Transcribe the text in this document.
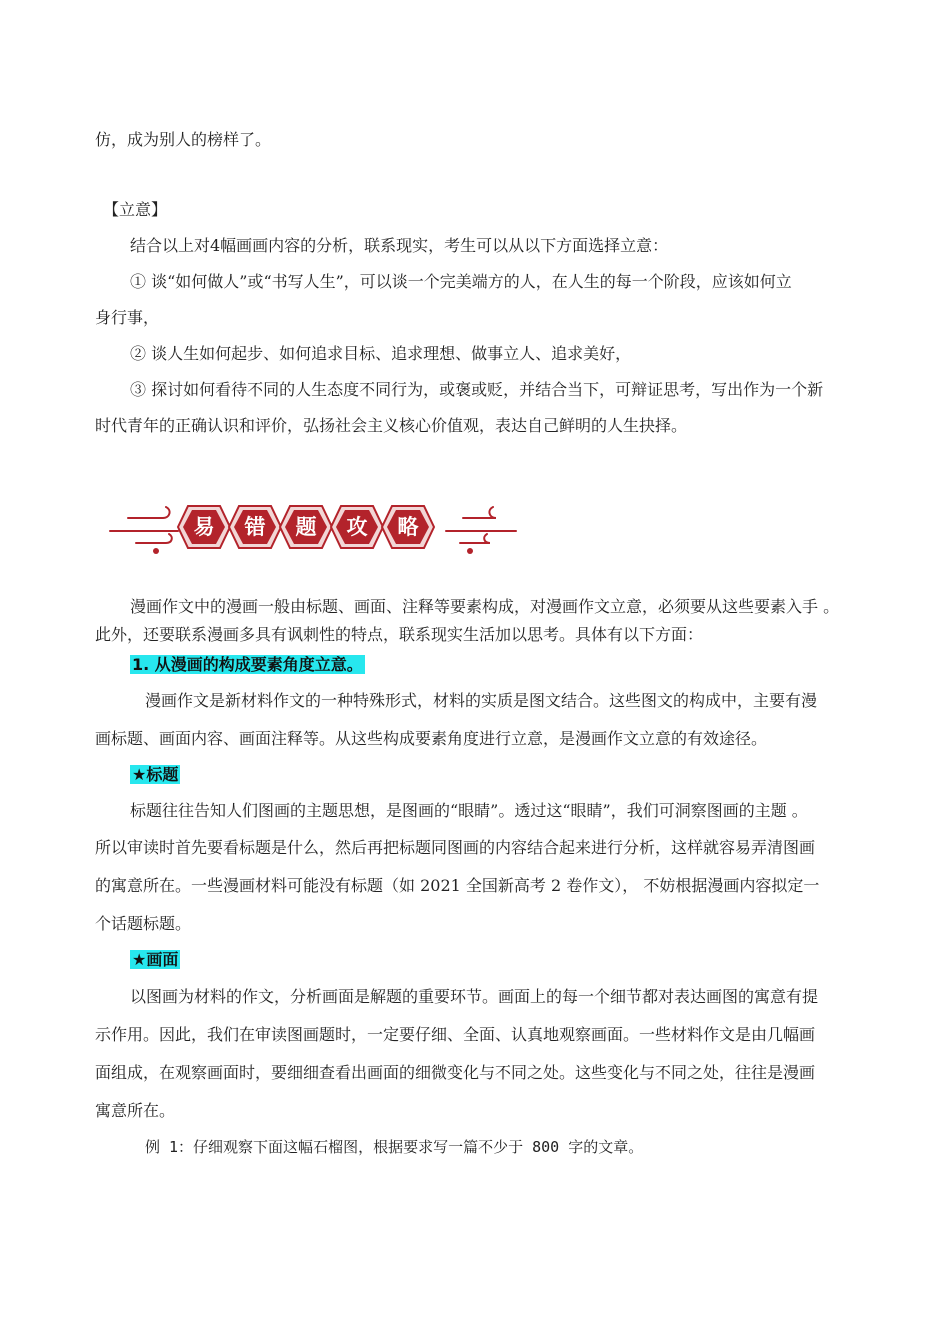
仿，成为别人的榜样了。
【立意】
结合以上对4幅画画内容的分析，联系现实，考生可以从以下方面选择立意：
① 谈“如何做人”或“书写人生”，可以谈一个完美端方的人，在人生的每一个阶段，应该如何立
身行事，
② 谈人生如何起步、如何追求目标、追求理想、做事立人、追求美好，
③ 探讨如何看待不同的人生态度不同行为，或褒或贬，并结合当下，可辩证思考，写出作为一个新
时代青年的正确认识和评价，弘扬社会主义核心价值观，表达自己鲜明的人生抉择。
易	错	题	攻	略
漫画作文中的漫画一般由标题、画面、注释等要素构成，对漫画作文立意，必须要从这些要素入手 。
此外，还要联系漫画多具有讽刺性的特点，联系现实生活加以思考。具体有以下方面：
1. 从漫画的构成要素角度立意。
漫画作文是新材料作文的一种特殊形式，材料的实质是图文结合。这些图文的构成中，主要有漫
画标题、画面内容、画面注释等。从这些构成要素角度进行立意，是漫画作文立意的有效途径。
★标题
标题往往告知人们图画的主题思想，是图画的“眼睛”。透过这“眼睛”，我们可洞察图画的主题 。
所以审读时首先要看标题是什么，然后再把标题同图画的内容结合起来进行分析，这样就容易弄清图画
的寓意所在。一些漫画材料可能没有标题（如 2021 全国新高考 2 卷作文）， 不妨根据漫画内容拟定一
个话题标题。
★画面
以图画为材料的作文，分析画面是解题的重要环节。画面上的每一个细节都对表达画图的寓意有提
示作用。因此，我们在审读图画题时，一定要仔细、全面、认真地观察画面。一些材料作文是由几幅画
面组成，在观察画面时，要细细查看出画面的细微变化与不同之处。这些变化与不同之处，往往是漫画
寓意所在。
例 1：仔细观察下面这幅石榴图，根据要求写一篇不少于 800 字的文章。
